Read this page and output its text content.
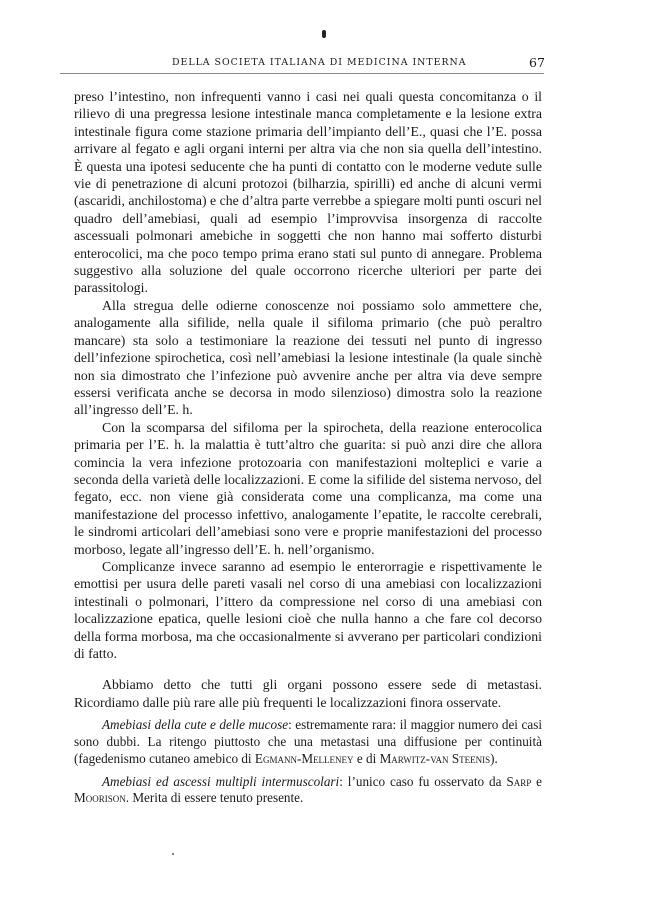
DELLA SOCIETA ITALIANA DI MEDICINA INTERNA	67

preso l’intestino, non infrequenti vanno i casi nei quali questa concomitanza o il rilievo di una pregressa lesione intestinale manca completamente e la lesione extra intestinale figura come stazione primaria dell’impianto dell’E., quasi che l’E. possa arrivare al fegato e agli organi interni per altra via che non sia quella dell’intestino. È questa una ipotesi seducente che ha punti di contatto con le moderne vedute sulle vie di penetrazione di alcuni protozoi (bilharzia, spirilli) ed anche di alcuni vermi (ascaridi, anchilostoma) e che d’altra parte verrebbe a spiegare molti punti oscuri nel quadro dell’amebiasi, quali ad esempio l’improvvisa insorgenza di raccolte ascessuali polmonari amebiche in soggetti che non hanno mai sofferto disturbi enterocolici, ma che poco tempo prima erano stati sul punto di annegare. Problema suggestivo alla soluzione del quale occorrono ricerche ulteriori per parte dei parassitologi.

Alla stregua delle odierne conoscenze noi possiamo solo ammettere che, analogamente alla sifilide, nella quale il sifiloma primario (che può peraltro mancare) sta solo a testimoniare la reazione dei tessuti nel punto di ingresso dell’infezione spirochetica, così nell’amebiasi la lesione intestinale (la quale sinchè non sia dimostrato che l’infezione può avvenire anche per altra via deve sempre essersi verificata anche se decorsa in modo silenzioso) dimostra solo la reazione all’ingresso dell’E. h.

Con la scomparsa del sifiloma per la spirocheta, della reazione enterocolica primaria per l’E. h. la malattia è tutt’altro che guarita: si può anzi dire che allora comincia la vera infezione protozoaria con manifestazioni molteplici e varie a seconda della varietà delle localizzazioni. E come la sifilide del sistema nervoso, del fegato, ecc. non viene già considerata come una complicanza, ma come una manifestazione del processo infettivo, analogamente l’epatite, le raccolte cerebrali, le sindromi articolari dell’amebiasi sono vere e proprie manifestazioni del processo morboso, legate all’ingresso dell’E. h. nell’organismo.

Complicanze invece saranno ad esempio le enterorragie e rispettivamente le emottisi per usura delle pareti vasali nel corso di una amebiasi con localizzazioni intestinali o polmonari, l’ittero da compressione nel corso di una amebiasi con localizzazione epatica, quelle lesioni cioè che nulla hanno a che fare col decorso della forma morbosa, ma che occasionalmente si avverano per particolari condizioni di fatto.

Abbiamo detto che tutti gli organi possono essere sede di metastasi. Ricordiamo dalle più rare alle più frequenti le localizzazioni finora osservate.

Amebiasi della cute e delle mucose: estremamente rara: il maggior numero dei casi sono dubbi. La ritengo piuttosto che una metastasi una diffusione per continuità (fagedenismo cutaneo amebico di Egmann-Melleney e di Marwitz-van Steenis).

Amebiasi ed ascessi multipli intermuscolari: l’unico caso fu osservato da Sarp e Moorison. Merita di essere tenuto presente.
